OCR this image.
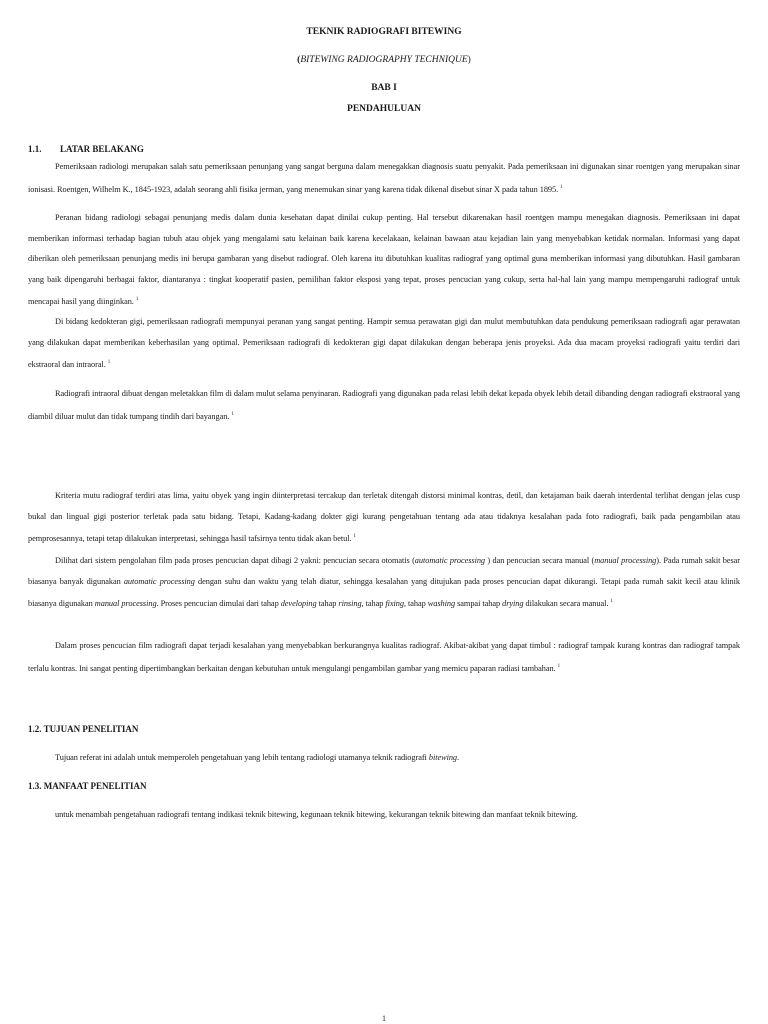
TEKNIK RADIOGRAFI BITEWING
(BITEWING RADIOGRAPHY TECHNIQUE)
BAB I
PENDAHULUAN
1.1. LATAR BELAKANG
Pemeriksaan radiologi merupakan salah satu pemeriksaan penunjang yang sangat berguna dalam menegakkan diagnosis suatu penyakit. Pada pemeriksaan ini digunakan sinar roentgen yang merupakan sinar ionisasi. Roentgen, Wilhelm K., 1845-1923, adalah seorang ahli fisika jerman, yang menemukan sinar yang karena tidak dikenal disebut sinar X pada tahun 1895. $^1$
Peranan bidang radiologi sebagai penunjang medis dalam dunia kesehatan dapat dinilai cukup penting. Hal tersebut dikarenakan hasil roentgen mampu menegakan diagnosis. Pemeriksaan ini dapat memberikan informasi terhadap bagian tubuh atau objek yang mengalami satu kelainan baik karena kecelakaan, kelainan bawaan atau kejadian lain yang menyebabkan ketidak normalan. Informasi yang dapat diberikan oleh pemeriksaan penunjang medis ini berupa gambaran yang disebut radiograf. Oleh karena itu dibutuhkan kualitas radiograf yang optimal guna memberikan informasi yang dibutuhkan. Hasil gambaran yang baik dipengaruhi berbagai faktor, diantaranya : tingkat kooperatif pasien, pemilihan faktor eksposi yang tepat, proses pencucian yang cukup, serta hal-hal lain yang mampu mempengaruhi radiograf untuk mencapai hasil yang diinginkan. $^1$
Di bidang kedokteran gigi, pemeriksaan radiografi mempunyai peranan yang sangat penting. Hampir semua perawatan gigi dan mulut membutuhkan data pendukung pemeriksaan radiografi agar perawatan yang dilakukan dapat memberikan keberhasilan yang optimal. Pemeriksaan radiografi di kedokteran gigi dapat dilakukan dengan beberapa jenis proyeksi. Ada dua macam proyeksi radiografi yaitu terdiri dari ekstraoral dan intraoral. $^1$
Radiografi intraoral dibuat dengan meletakkan film di dalam mulut selama penyinaran. Radiografi yang digunakan pada relasi lebih dekat kepada obyek lebih detail dibanding dengan radiografi ekstraoral yang diambil diluar mulut dan tidak tumpang tindih dari bayangan. $^1$
Kriteria mutu radiograf terdiri atas lima, yaitu obyek yang ingin diinterpretasi tercakup dan terletak ditengah distorsi minimal kontras, detil, dan ketajaman baik daerah interdental terlihat dengan jelas cusp bukal dan lingual gigi posterior terletak pada satu bidang. Tetapi, Kadang-kadang dokter gigi kurang pengetahuan tentang ada atau tidaknya kesalahan pada foto radiografi, baik pada pengambilan atau pemprosesannya, tetapi tetap dilakukan interpretasi, sehingga hasil tafsirnya tentu tidak akan betul. $^1$
Dilihat dari sistem pengolahan film pada proses pencucian dapat dibagi 2 yakni: pencucian secara otomatis (automatic processing ) dan pencucian secara manual (manual processing). Pada rumah sakit besar biasanya banyak digunakan automatic processing dengan suhu dan waktu yang telah diatur, sehingga kesalahan yang ditujukan pada proses pencucian dapat dikurangi. Tetapi pada rumah sakit kecil atau klinik biasanya digunakan manual processing. Proses pencucian dimulai dari tahap developing tahap rinsing, tahap fixing, tahap washing sampai tahap drying dilakukan secara manual. $^1$
Dalam proses pencucian film radiografi dapat terjadi kesalahan yang menyebabkan berkurangnya kualitas radiograf. Akibat-akibat yang dapat timbul : radiograf tampak kurang kontras dan radiograf tampak terlalu kontras. Ini sangat penting dipertimbangkan berkaitan dengan kebutuhan untuk mengulangi pengambilan gambar yang memicu paparan radiasi tambahan. $^1$
1.2. TUJUAN PENELITIAN
Tujuan referat ini adalah untuk memperoleh pengetahuan yang lebih tentang radiologi utamanya teknik radiografi bitewing.
1.3. MANFAAT PENELITIAN
untuk menambah pengetahuan radiografi tentang indikasi teknik bitewing, kegunaan teknik bitewing, kekurangan teknik bitewing dan manfaat teknik bitewing.
1
